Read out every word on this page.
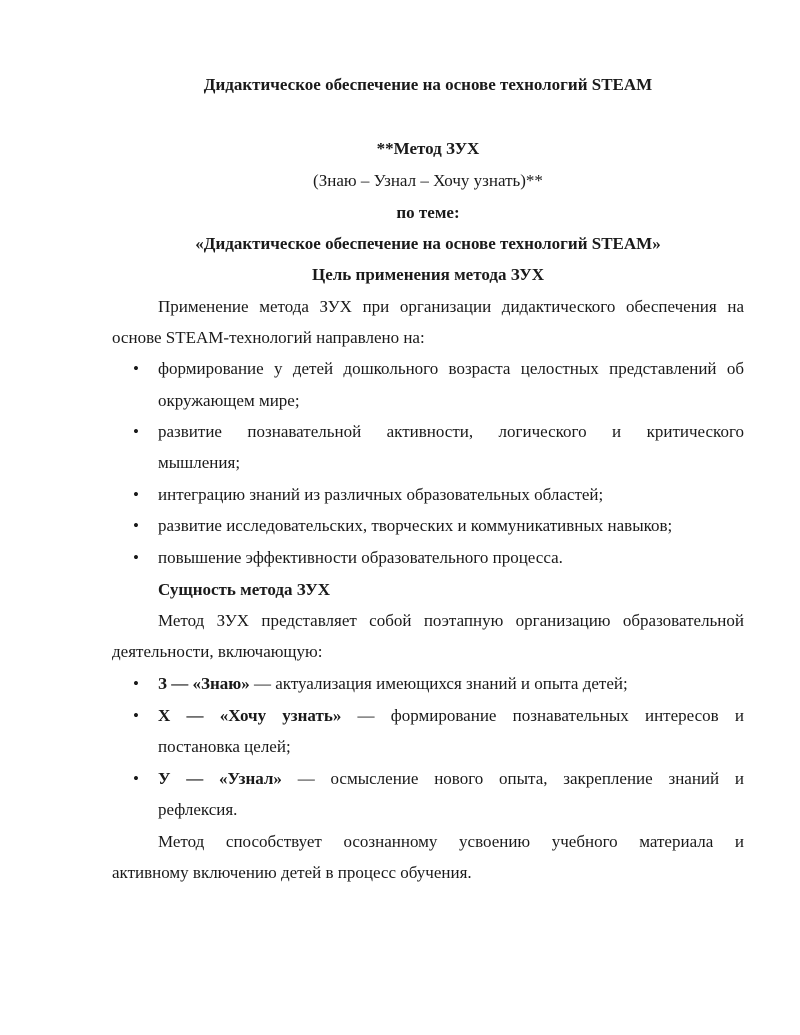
Дидактическое обеспечение на основе технологий STEAM
**Метод ЗУХ
(Знаю – Узнал – Хочу узнать)**
по теме:
«Дидактическое обеспечение на основе технологий STEAM»
Цель применения метода ЗУХ
Применение метода ЗУХ при организации дидактического обеспечения на
основе STEAM-технологий направлено на:
•
формирование у детей дошкольного возраста целостных представлений об
окружающем мире;
•
развитие познавательной активности, логического и критического
мышления;
•
интеграцию знаний из различных образовательных областей;
•
развитие исследовательских, творческих и коммуникативных навыков;
•
повышение эффективности образовательного процесса.
Сущность метода ЗУХ
Метод ЗУХ представляет собой поэтапную организацию образовательной
деятельности, включающую:
•
З — «Знаю» — актуализация имеющихся знаний и опыта детей;
•
Х — «Хочу узнать» — формирование познавательных интересов и
постановка целей;
•
У — «Узнал» — осмысление нового опыта, закрепление знаний и
рефлексия.
Метод способствует осознанному усвоению учебного материала и
активному включению детей в процесс обучения.
